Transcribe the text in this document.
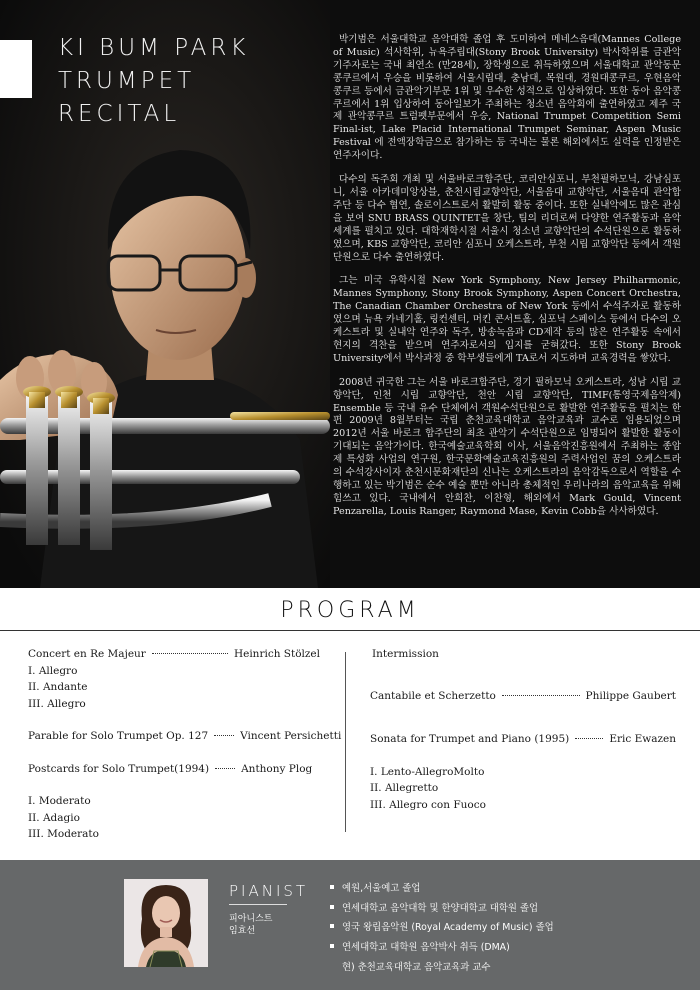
KI BUM PARK
TRUMPET
RECITAL

박기범은 서울대학교 음악대학 졸업 후 도미하여 메네스음대(Mannes College of Music) 석사학위, 뉴욕주립대(Stony Brook University) 박사학위를 금관악기주자로는 국내 최연소 (만28세), 장학생으로 취득하였으며 서울대학교 관악동문콩쿠르에서 우승을 비롯하여 서울시립대, 충남대, 목원대, 경원대콩쿠르, 우현음악콩쿠르 등에서 금관악기부문 1위 및 우수한 성적으로 입상하였다. 또한 동아 음악콩쿠르에서 1위 입상하여 동아일보가 주최하는 청소년 음악회에 출연하였고 제주 국제 관악콩쿠르 트럼펫부문에서 우승, National Trumpet Competition Semi Final-ist, Lake Placid International Trumpet Seminar, Aspen Music Festival 에 전액장학금으로 참가하는 등 국내는 물론 해외에서도 실력을 인정받은 연주자이다.

다수의 독주회 개최 및 서울바로크합주단, 코리안심포니, 부천필하모닉, 강남심포니, 서울 아카데미앙상블, 춘천시립교향악단, 서울음대 교향악단, 서울음대 관악합주단 등 다수 협연, 솔로이스트로서 활발히 활동 중이다. 또한 실내악에도 많은 관심을 보여 SNU BRASS QUINTET을 창단, 팀의 리더로써 다양한 연주활동과 음악세계를 펼치고 있다. 대학재학시절 서울시 청소년 교향악단의 수석단원으로 활동하였으며, KBS 교향악단, 코리안 심포니 오케스트라, 부천 시립 교향악단 등에서 객원단원으로 다수 출연하였다.

그는 미국 유학시절 New York Symphony, New Jersey Philharmonic, Mannes Symphony, Stony Brook Symphony, Aspen Concert Orchestra, The Canadian Chamber Orchestra of New York 등에서 수석주자로 활동하였으며 뉴욕 카네기홀, 링컨센터, 머킨 콘서트홀, 심포닉 스페이스 등에서 다수의 오케스트라 및 실내악 연주와 독주, 방송녹음과 CD제작 등의 많은 연주활동 속에서 현지의 격찬을 받으며 연주자로서의 입지를 굳혀갔다. 또한 Stony Brook University에서 박사과정 중 학부생들에게 TA로서 지도하며 교육경력을 쌓았다.

2008년 귀국한 그는 서울 바로크합주단, 경기 필하모닉 오케스트라, 성남 시립 교향악단, 인천 시립 교향악단, 천안 시립 교향악단, TIMF(통영국제음악제) Ensemble 등 국내 유수 단체에서 객원수석단원으로 활발한 연주활동을 펼치는 한편 2009년 8월부터는 국립 춘천교육대학교 음악교육과 교수로 임용되었으며 2012년 서울 바로크 합주단의 최초 관악기 수석단원으로 임명되어 활발한 활동이 기대되는 음악가이다. 한국예술교육학회 이사, 서울음악진흥원에서 주최하는 종암제 특성화 사업의 연구원, 한국문화예술교육진흥원의 주력사업인 꿈의 오케스트라의 수석강사이자 춘천시문화재단의 신나는 오케스트라의 음악감독으로서 역할을 수행하고 있는 박기범은 순수 예술 뿐만 아니라 총체적인 우리나라의 음악교육을 위해 힘쓰고 있다. 국내에서 안희찬, 이찬형, 해외에서 Mark Gould, Vincent Penzarella, Louis Ranger, Raymond Mase, Kevin Cobb을 사사하였다.

PROGRAM
Concert en Re Majeur	Heinrich Stölzel
I. Allegro
II. Andante
III. Allegro
Parable for Solo Trumpet Op. 127	Vincent Persichetti
Postcards for Solo Trumpet(1994)	Anthony Plog
I. Moderato
II. Adagio
III. Moderato
Intermission
Cantabile et Scherzetto	Philippe Gaubert
Sonata for Trumpet and Piano (1995)	Eric Ewazen
I. Lento-AllegroMolto
II. Allegretto
III. Allegro con Fuoco
PIANIST
피아니스트
임효선
예원,서울예고 졸업
연세대학교 음악대학 및 한양대학교 대학원 졸업
영국 왕립음악원 (Royal Academy of Music) 졸업
연세대학교 대학원 음악박사 취득 (DMA)
현) 춘천교육대학교 음악교육과 교수
